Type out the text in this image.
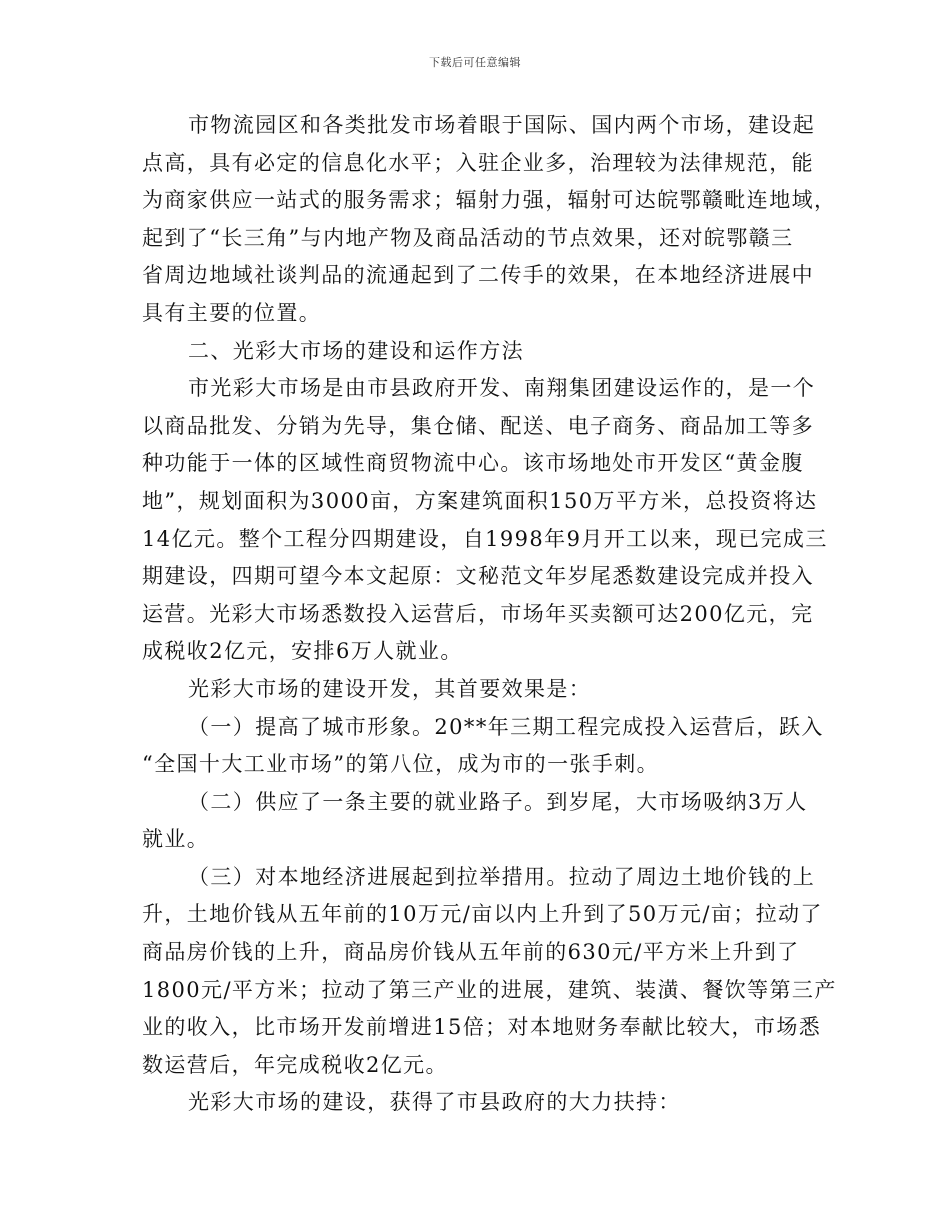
下载后可任意编辑
市物流园区和各类批发市场着眼于国际、国内两个市场，建设起
点高，具有必定的信息化水平；入驻企业多，治理较为法律规范，能
为商家供应一站式的服务需求；辐射力强，辐射可达皖鄂赣毗连地域，
起到了“长三角”与内地产物及商品活动的节点效果，还对皖鄂赣三
省周边地域社谈判品的流通起到了二传手的效果，在本地经济进展中
具有主要的位置。
二、光彩大市场的建设和运作方法
市光彩大市场是由市县政府开发、南翔集团建设运作的，是一个
以商品批发、分销为先导，集仓储、配送、电子商务、商品加工等多
种功能于一体的区域性商贸物流中心。该市场地处市开发区“黄金腹
地”，规划面积为3000亩，方案建筑面积150万平方米，总投资将达
14亿元。整个工程分四期建设，自1998年9月开工以来，现已完成三
期建设，四期可望今本文起原：文秘范文年岁尾悉数建设完成并投入
运营。光彩大市场悉数投入运营后，市场年买卖额可达200亿元，完
成税收2亿元，安排6万人就业。
光彩大市场的建设开发，其首要效果是：
（一）提高了城市形象。20**年三期工程完成投入运营后，跃入
“全国十大工业市场”的第八位，成为市的一张手刺。
（二）供应了一条主要的就业路子。到岁尾，大市场吸纳3万人
就业。
（三）对本地经济进展起到拉举措用。拉动了周边土地价钱的上
升，土地价钱从五年前的10万元/亩以内上升到了50万元/亩；拉动了
商品房价钱的上升，商品房价钱从五年前的630元/平方米上升到了
1800元/平方米；拉动了第三产业的进展，建筑、装潢、餐饮等第三产
业的收入，比市场开发前增进15倍；对本地财务奉献比较大，市场悉
数运营后，年完成税收2亿元。
光彩大市场的建设，获得了市县政府的大力扶持：
